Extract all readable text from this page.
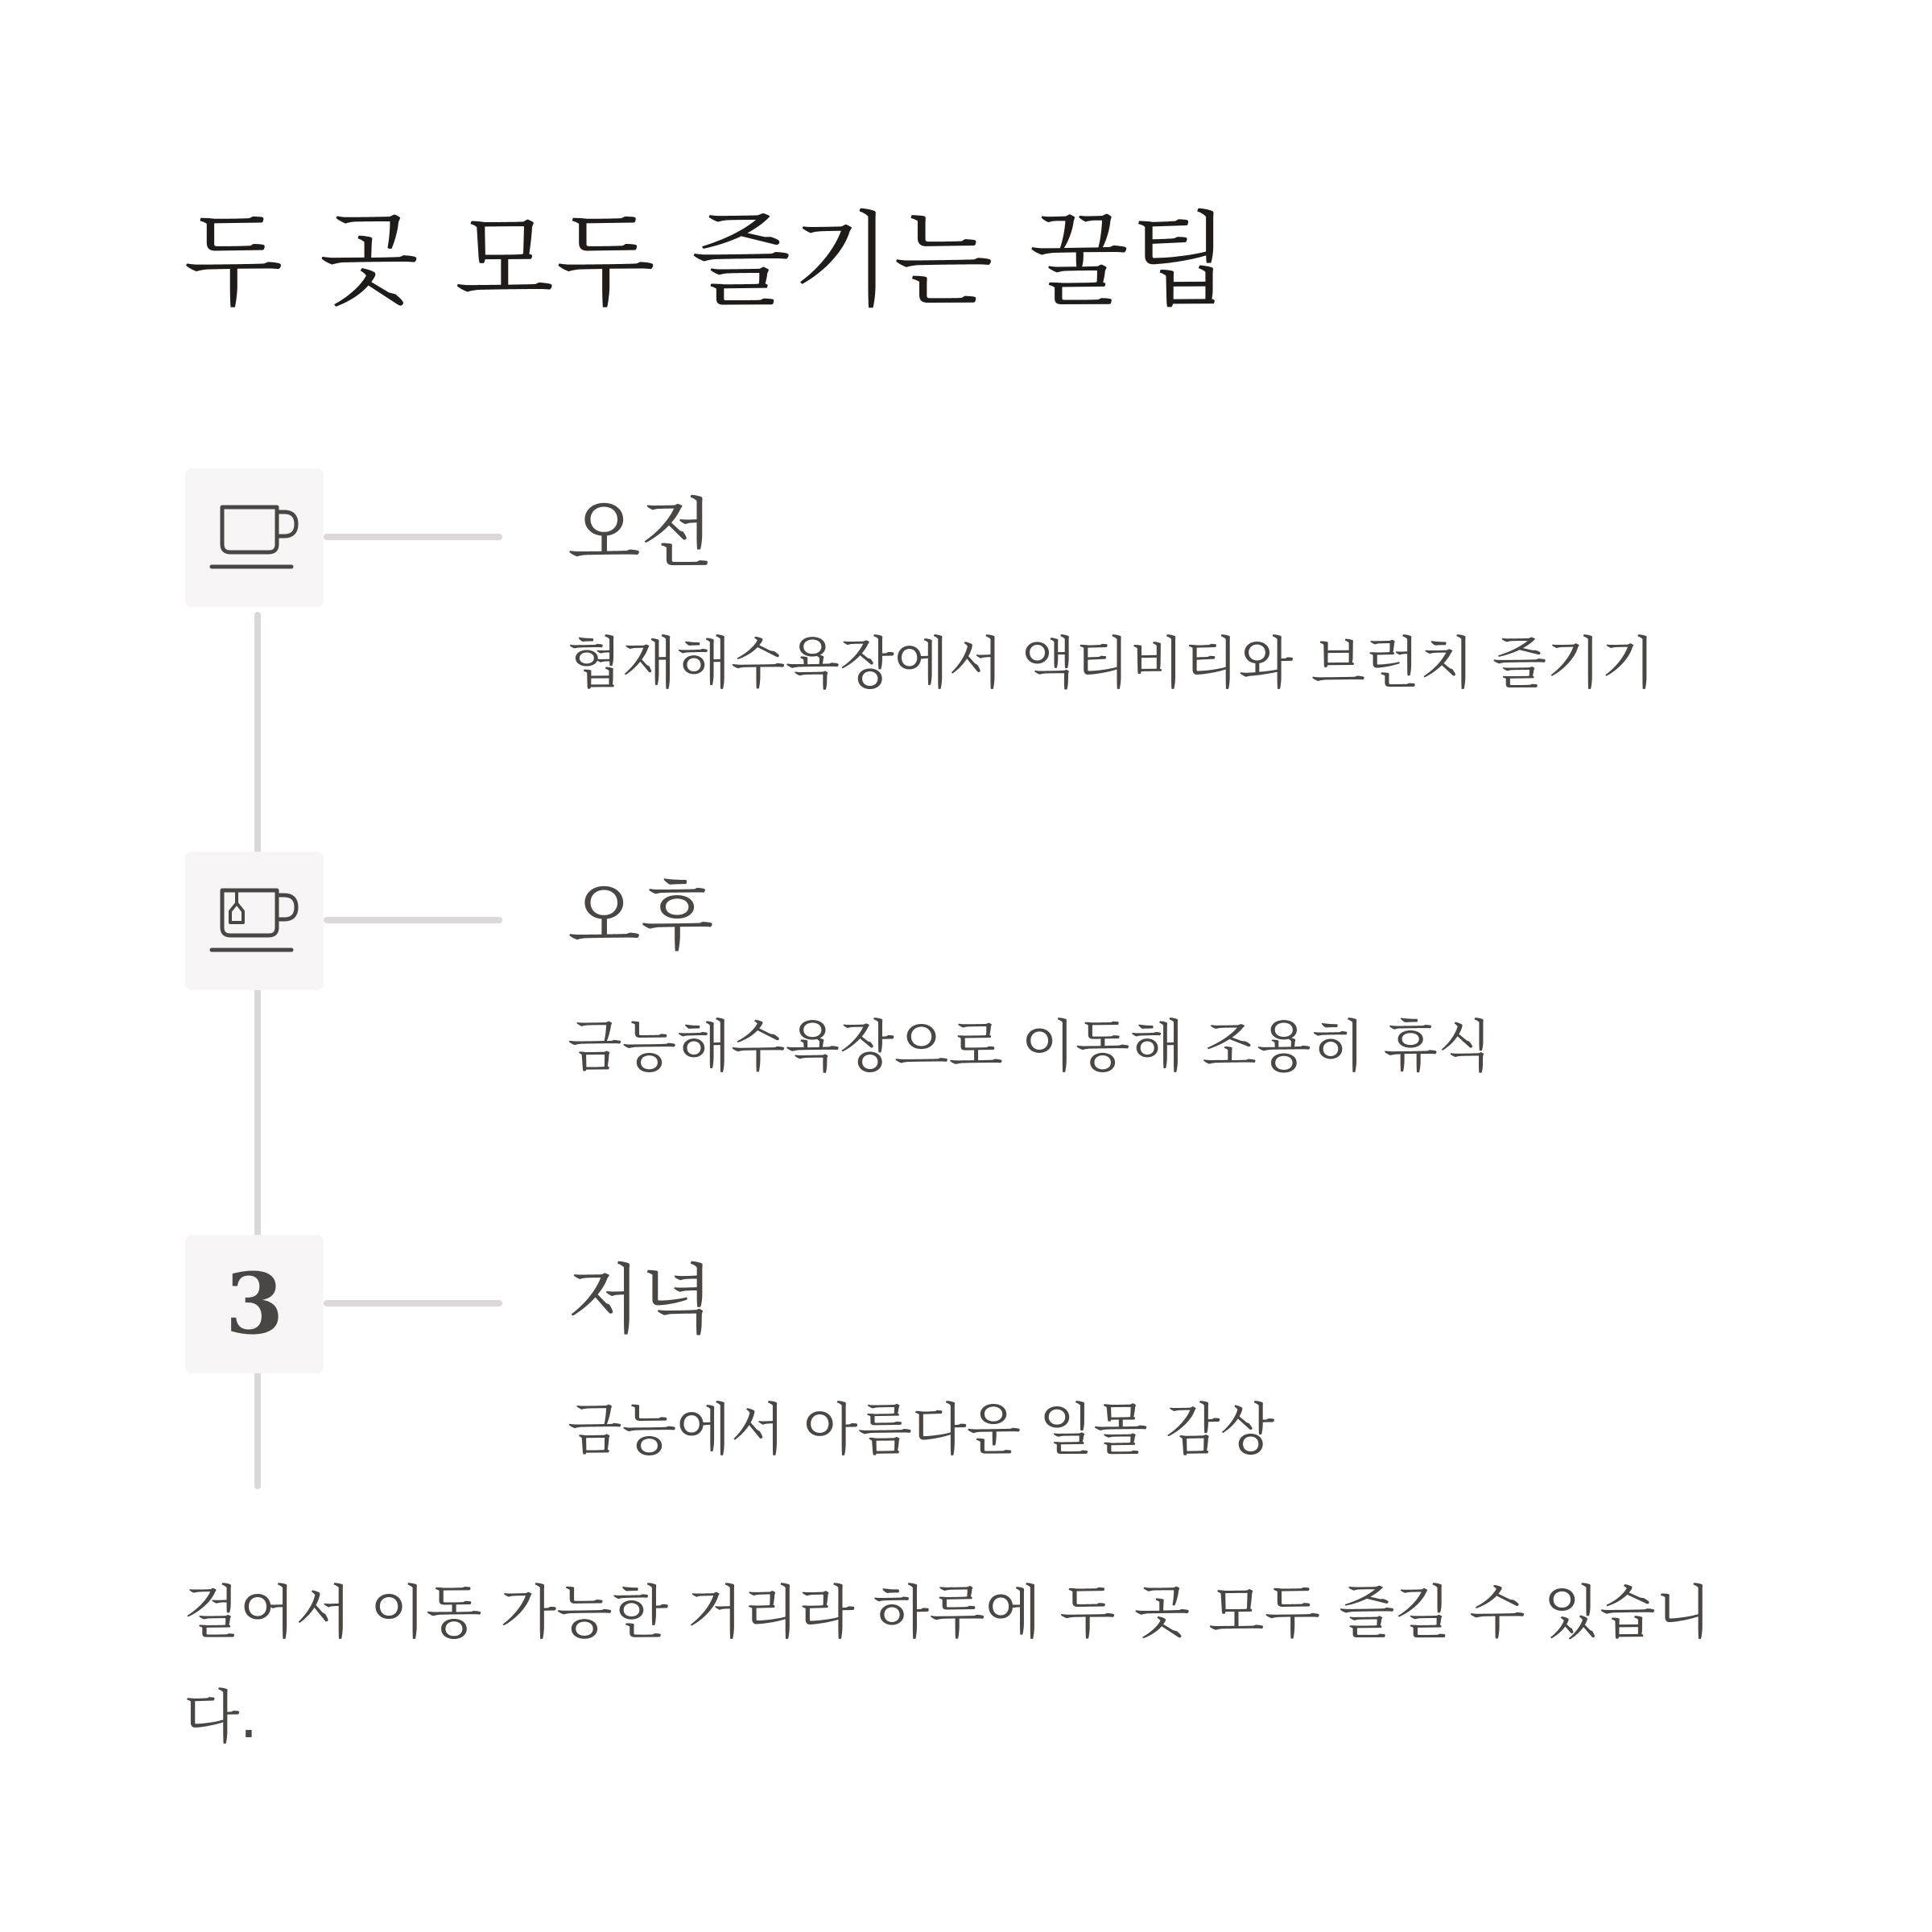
두 곳 모두 즐기는 꿀팁
오전

협재해수욕장에서 액티비티와 브런치 즐기기

오후

금능해수욕장으로 이동해 조용히 휴식

3	저녁

금능에서 아름다운 일몰 감상

걸어서 이동 가능한 거리라 하루에 두 곳 모두 즐길 수 있습니다.
